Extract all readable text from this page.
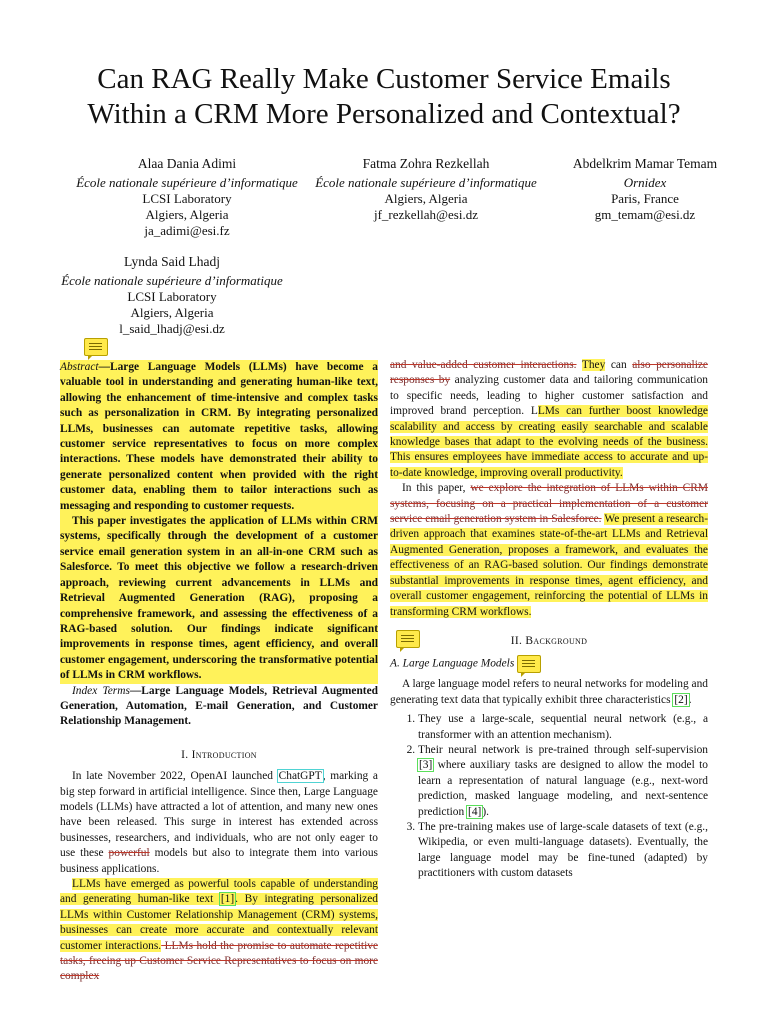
Can RAG Really Make Customer Service Emails
Within a CRM More Personalized and Contextual?
Alaa Dania Adimi
École nationale supérieure d’informatique
LCSI Laboratory
Algiers, Algeria
ja_adimi@esi.fz
Fatma Zohra Rezkellah
École nationale supérieure d’informatique
Algiers, Algeria
jf_rezkellah@esi.dz
Abdelkrim Mamar Temam
Ornidex
Paris, France
gm_temam@esi.dz
Lynda Said Lhadj
École nationale supérieure d’informatique
LCSI Laboratory
Algiers, Algeria
l_said_lhadj@esi.dz

Abstract—Large Language Models (LLMs) have become a valuable tool in understanding and generating human-like text, allowing the enhancement of time-intensive and complex tasks such as personalization in CRM. By integrating personalized LLMs, businesses can automate repetitive tasks, allowing customer service representatives to focus on more complex interactions. These models have demonstrated their ability to generate personalized content when provided with the right customer data, enabling them to tailor interactions such as messaging and responding to customer requests.

This paper investigates the application of LLMs within CRM systems, specifically through the development of a customer service email generation system in an all-in-one CRM such as Salesforce. To meet this objective we follow a research-driven approach, reviewing current advancements in LLMs and Retrieval Augmented Generation (RAG), proposing a comprehensive framework, and assessing the effectiveness of a RAG-based solution. Our findings indicate significant improvements in response times, agent efficiency, and overall customer engagement, underscoring the transformative potential of LLMs in CRM workflows.

Index Terms—Large Language Models, Retrieval Augmented Generation, Automation, E-mail Generation, and Customer Relationship Management.

I. Introduction

In late November 2022, OpenAI launched ChatGPT, marking a big step forward in artificial intelligence. Since then, Large Language models (LLMs) have attracted a lot of attention, and many new ones have been released. This surge in interest has extended across businesses, researchers, and individuals, who are not only eager to use these powerful models but also to integrate them into various business applications.

LLMs have emerged as powerful tools capable of understanding and generating human-like text [1]. By integrating personalized LLMs within Customer Relationship Management (CRM) systems, businesses can create more accurate and contextually relevant customer interactions. LLMs hold the promise to automate repetitive tasks, freeing up Customer Service Representatives to focus on more complex

and value-added customer interactions. They can also personalize responses by analyzing customer data and tailoring communication to specific needs, leading to higher customer satisfaction and improved brand perception. LLMs can further boost knowledge scalability and access by creating easily searchable and scalable knowledge bases that adapt to the evolving needs of the business. This ensures employees have immediate access to accurate and up-to-date knowledge, improving overall productivity.

In this paper, we explore the integration of LLMs within CRM systems, focusing on a practical implementation of a customer service email generation system in Salesforce. We present a research-driven approach that examines state-of-the-art LLMs and Retrieval Augmented Generation, proposes a framework, and evaluates the effectiveness of an RAG-based solution. Our findings demonstrate substantial improvements in response times, agent efficiency, and overall customer engagement, reinforcing the potential of LLMs in transforming CRM workflows.

II. Background
A. Large Language Models

A large language model refers to neural networks for modeling and generating text data that typically exhibit three characteristics [2].

1. They use a large-scale, sequential neural network (e.g., a transformer with an attention mechanism).
2. Their neural network is pre-trained through self-supervision [3] where auxiliary tasks are designed to allow the model to learn a representation of natural language (e.g., next-word prediction, masked language modeling, and next-sentence prediction [4]).
3. The pre-training makes use of large-scale datasets of text (e.g., Wikipedia, or even multi-language datasets). Eventually, the large language model may be fine-tuned (adapted) by practitioners with custom datasets
